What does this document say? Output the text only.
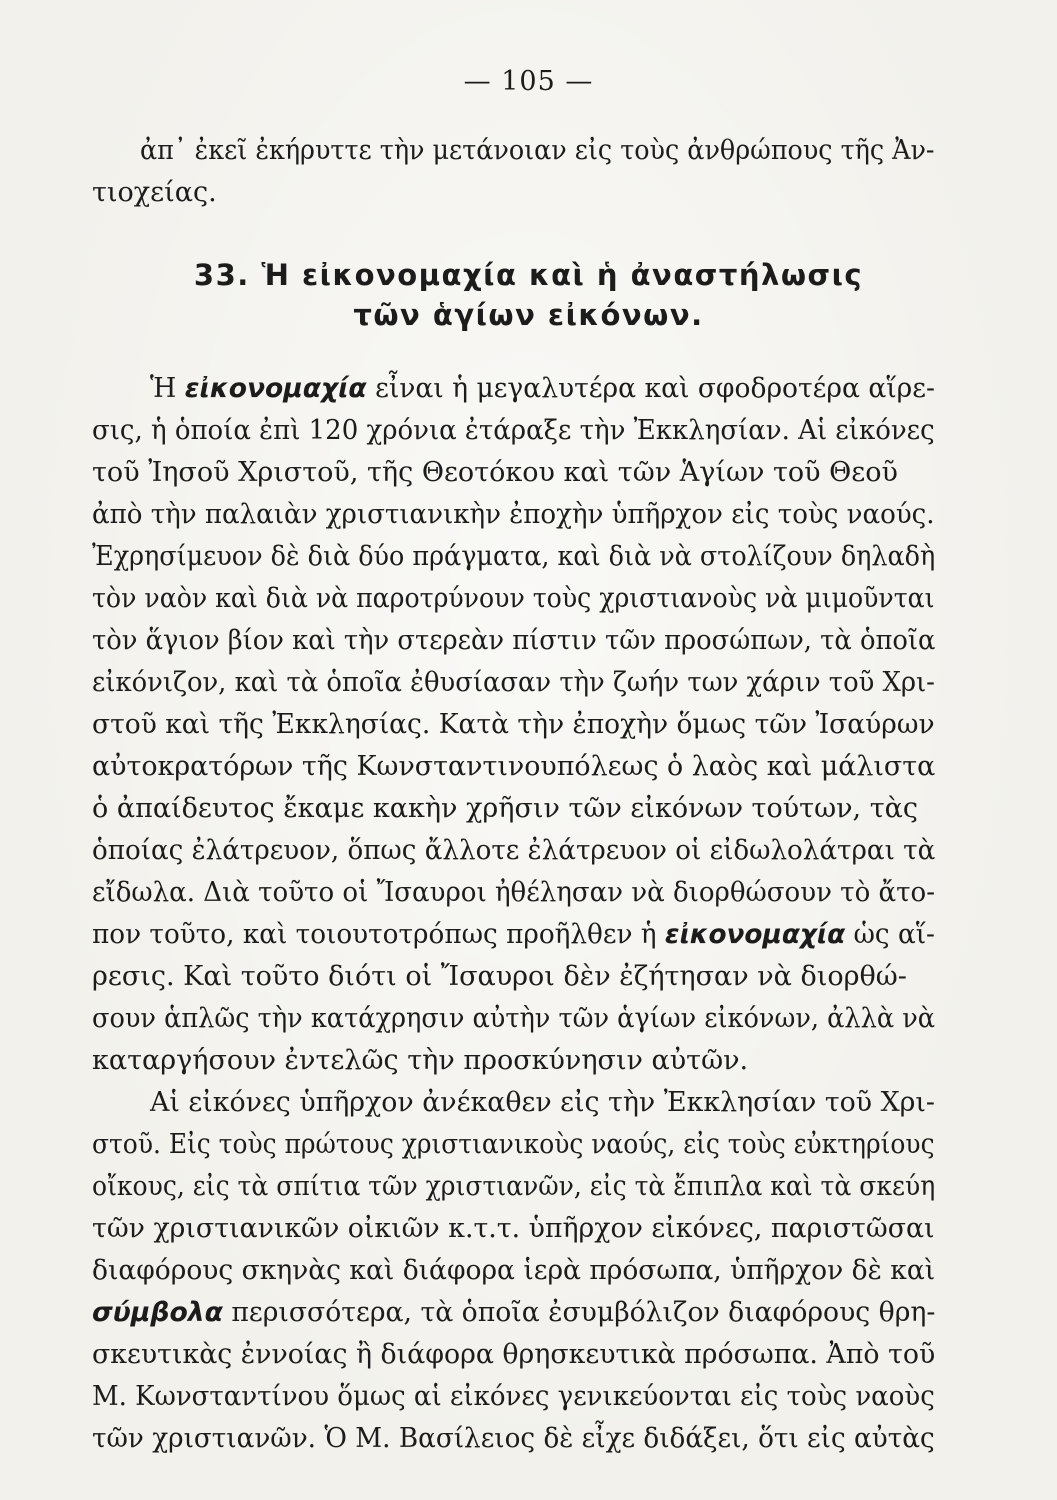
— 105 —
ἀπ᾽ ἐκεῖ ἐκήρυττε τὴν μετάνοιαν εἰς τοὺς ἀνθρώπους τῆς Ἀν-
τιοχείας.
33. Ἡ εἰκονομαχία καὶ ἡ ἀναστήλωσις
τῶν ἁγίων εἰκόνων.
Ἡ εἰκονομαχία εἶναι ἡ μεγαλυτέρα καὶ σφοδροτέρα αἵρε-
σις, ἡ ὁποία ἐπὶ 120 χρόνια ἐτάραξε τὴν Ἐκκλησίαν. Αἱ εἰκόνες
τοῦ Ἰησοῦ Χριστοῦ, τῆς Θεοτόκου καὶ τῶν Ἁγίων τοῦ Θεοῦ
ἀπὸ τὴν παλαιὰν χριστιανικὴν ἐποχὴν ὑπῆρχον εἰς τοὺς ναούς.
Ἐχρησίμευον δὲ διὰ δύο πράγματα, καὶ διὰ νὰ στολίζουν δηλαδὴ
τὸν ναὸν καὶ διὰ νὰ παροτρύνουν τοὺς χριστιανοὺς νὰ μιμοῦνται
τὸν ἅγιον βίον καὶ τὴν στερεὰν πίστιν τῶν προσώπων, τὰ ὁποῖα
εἰκόνιζον, καὶ τὰ ὁποῖα ἐθυσίασαν τὴν ζωήν των χάριν τοῦ Χρι-
στοῦ καὶ τῆς Ἐκκλησίας. Κατὰ τὴν ἐποχὴν ὅμως τῶν Ἰσαύρων
αὐτοκρατόρων τῆς Κωνσταντινουπόλεως ὁ λαὸς καὶ μάλιστα
ὁ ἀπαίδευτος ἔκαμε κακὴν χρῆσιν τῶν εἰκόνων τούτων, τὰς
ὁποίας ἐλάτρευον, ὅπως ἄλλοτε ἐλάτρευον οἱ εἰδωλολάτραι τὰ
εἴδωλα. Διὰ τοῦτο οἱ Ἴσαυροι ἠθέλησαν νὰ διορθώσουν τὸ ἄτο-
πον τοῦτο, καὶ τοιουτοτρόπως προῆλθεν ἡ εἰκονομαχία ὡς αἵ-
ρεσις. Καὶ τοῦτο διότι οἱ Ἴσαυροι δὲν ἐζήτησαν νὰ διορθώ-
σουν ἁπλῶς τὴν κατάχρησιν αὐτὴν τῶν ἁγίων εἰκόνων, ἀλλὰ νὰ
καταργήσουν ἐντελῶς τὴν προσκύνησιν αὐτῶν.
Αἱ εἰκόνες ὑπῆρχον ἀνέκαθεν εἰς τὴν Ἐκκλησίαν τοῦ Χρι-
στοῦ. Εἰς τοὺς πρώτους χριστιανικοὺς ναούς, εἰς τοὺς εὐκτηρίους
οἴκους, εἰς τὰ σπίτια τῶν χριστιανῶν, εἰς τὰ ἔπιπλα καὶ τὰ σκεύη
τῶν χριστιανικῶν οἰκιῶν κ.τ.τ. ὑπῆρχον εἰκόνες, παριστῶσαι
διαφόρους σκηνὰς καὶ διάφορα ἱερὰ πρόσωπα, ὑπῆρχον δὲ καὶ
σύμβολα περισσότερα, τὰ ὁποῖα ἐσυμβόλιζον διαφόρους θρη-
σκευτικὰς ἐννοίας ἢ διάφορα θρησκευτικὰ πρόσωπα. Ἀπὸ τοῦ
Μ. Κωνσταντίνου ὅμως αἱ εἰκόνες γενικεύονται εἰς τοὺς ναοὺς
τῶν χριστιανῶν. Ὁ Μ. Βασίλειος δὲ εἶχε διδάξει, ὅτι εἰς αὐτὰς
